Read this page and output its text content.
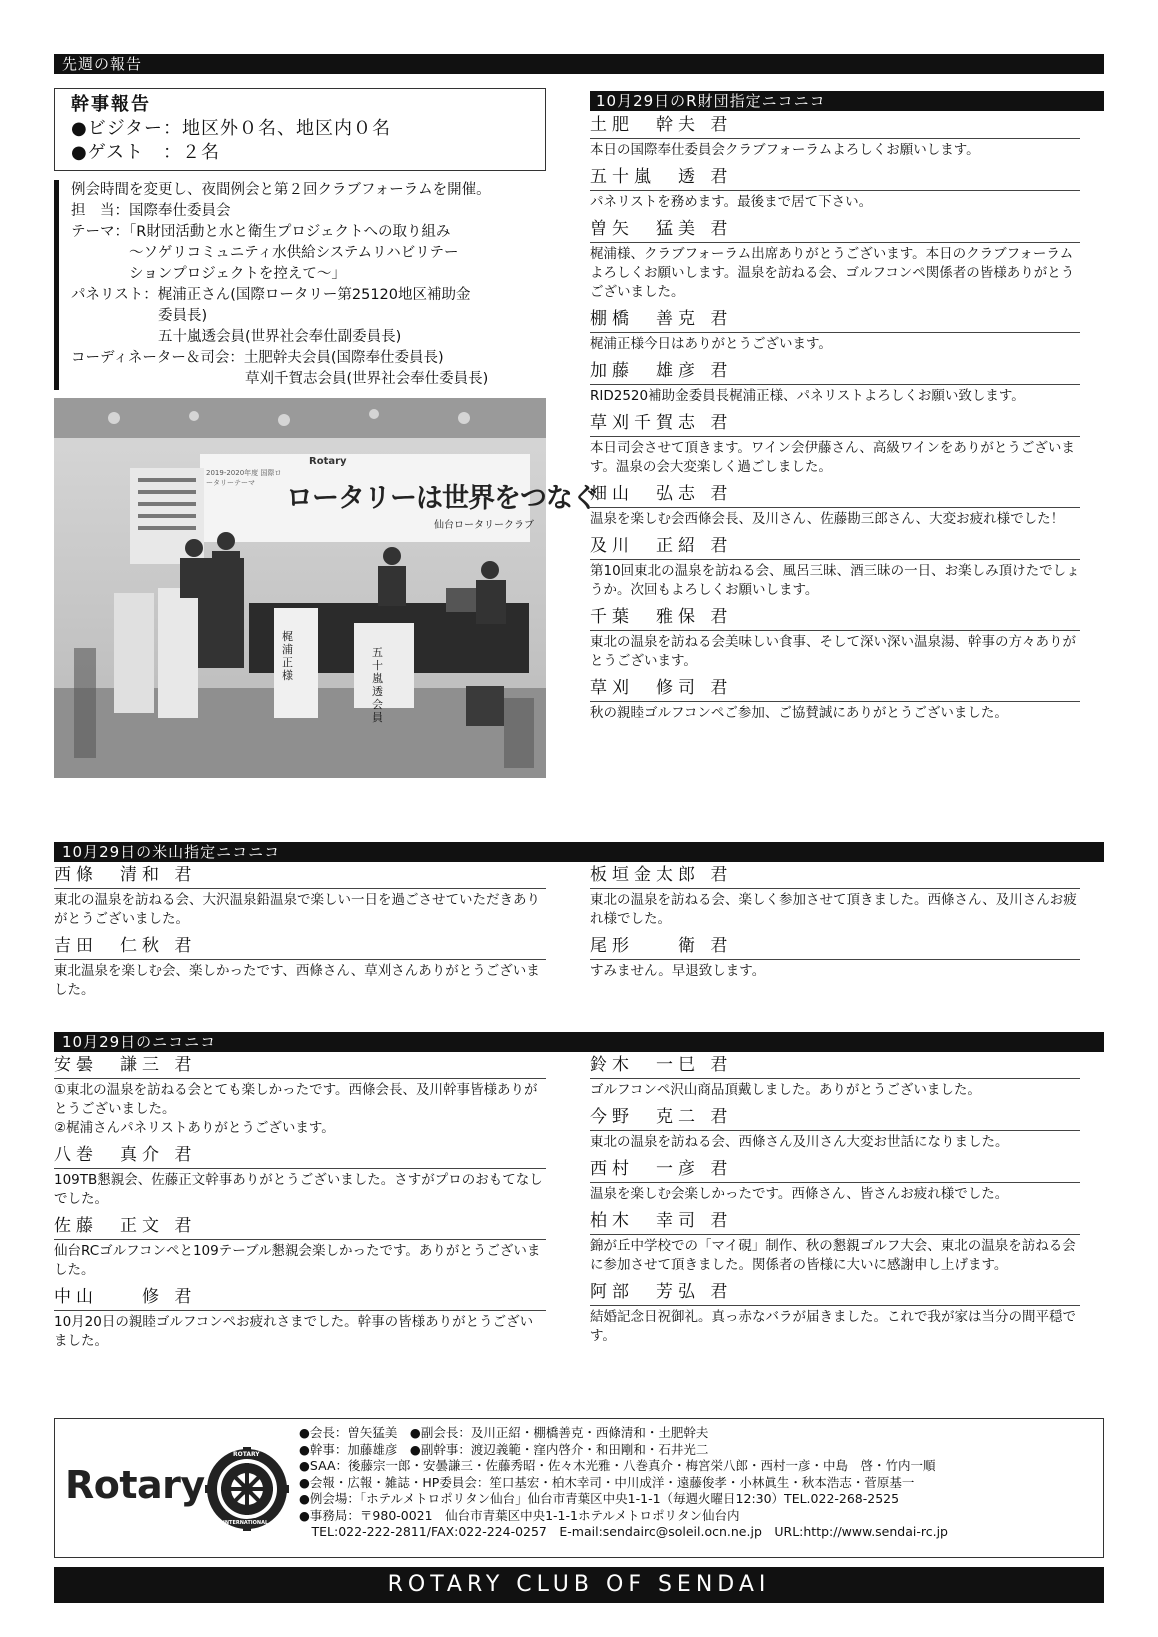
先週の報告
幹事報告
●ビジター：地区外０名、地区内０名
●ゲスト　：２名
例会時間を変更し、夜間例会と第２回クラブフォーラムを開催。
担　当：国際奉仕委員会
テーマ：「R財団活動と水と衛生プロジェクトへの取り組み
　　　　～ソゲリコミュニティ水供給システムリハビリテー
　　　　ションプロジェクトを控えて～」
パネリスト：梶浦正さん(国際ロータリー第25120地区補助金
　　　　　　委員長)
　　　　　　五十嵐透会員(世界社会奉仕副委員長)
コーディネーター＆司会：土肥幹夫会員(国際奉仕委員長)
　　　　　　　　　　　　草刈千賀志会員(世界社会奉仕委員長)
2019-2020年度 国際ロータリーテーマ
Rotary
ロータリーは世界をつなぐ
仙台ロータリークラブ
梶浦 正 様
五十嵐 透会員
10月29日のR財団指定ニコニコ
土肥　幹夫 君
本日の国際奉仕委員会クラブフォーラムよろしくお願いします。
五十嵐　透 君
パネリストを務めます。最後まで居て下さい。
曽矢　猛美 君
梶浦様、クラブフォーラム出席ありがとうございます。本日のクラブフォーラムよろしくお願いします。温泉を訪ねる会、ゴルフコンペ関係者の皆様ありがとうございました。
棚橋　善克 君
梶浦正様今日はありがとうございます。
加藤　雄彦 君
RID2520補助金委員長梶浦正様、パネリストよろしくお願い致します。
草刈千賀志 君
本日司会させて頂きます。ワイン会伊藤さん、高級ワインをありがとうございます。温泉の会大変楽しく過ごしました。
畑山　弘志 君
温泉を楽しむ会西條会長、及川さん、佐藤勘三郎さん、大変お疲れ様でした！
及川　正紹 君
第10回東北の温泉を訪ねる会、風呂三昧、酒三昧の一日、お楽しみ頂けたでしょうか。次回もよろしくお願いします。
千葉　雅保 君
東北の温泉を訪ねる会美味しい食事、そして深い深い温泉湯、幹事の方々ありがとうございます。
草刈　修司 君
秋の親睦ゴルフコンペご参加、ご協賛誠にありがとうございました。
10月29日の米山指定ニコニコ
西條　清和 君
東北の温泉を訪ねる会、大沢温泉鉛温泉で楽しい一日を過ごさせていただきありがとうございました。
吉田　仁秋 君
東北温泉を楽しむ会、楽しかったです、西條さん、草刈さんありがとうございました。
板垣金太郎 君
東北の温泉を訪ねる会、楽しく参加させて頂きました。西條さん、及川さんお疲れ様でした。
尾形　　衛 君
すみません。早退致します。
10月29日のニコニコ
安曇　謙三 君
①東北の温泉を訪ねる会とても楽しかったです。西條会長、及川幹事皆様ありがとうございました。
②梶浦さんパネリストありがとうございます。
八巻　真介 君
109TB懇親会、佐藤正文幹事ありがとうございました。さすがプロのおもてなしでした。
佐藤　正文 君
仙台RCゴルフコンペと109テーブル懇親会楽しかったです。ありがとうございました。
中山　　修 君
10月20日の親睦ゴルフコンペお疲れさまでした。幹事の皆様ありがとうございました。
鈴木　一巳 君
ゴルフコンペ沢山商品頂戴しました。ありがとうございました。
今野　克二 君
東北の温泉を訪ねる会、西條さん及川さん大変お世話になりました。
西村　一彦 君
温泉を楽しむ会楽しかったです。西條さん、皆さんお疲れ様でした。
柏木　幸司 君
錦が丘中学校での「マイ硯」制作、秋の懇親ゴルフ大会、東北の温泉を訪ねる会に参加させて頂きました。関係者の皆様に大いに感謝申し上げます。
阿部　芳弘 君
結婚記念日祝御礼。真っ赤なバラが届きました。これで我が家は当分の間平穏です。
Rotary
ROTARY
INTERNATIONAL
●会長：曽矢猛美　●副会長：及川正紹・棚橋善克・西條清和・土肥幹夫
●幹事：加藤雄彦　●副幹事：渡辺義範・窪内啓介・和田剛和・石井光二
●SAA：後藤宗一郎・安曇謙三・佐藤秀昭・佐々木光雅・八巻真介・梅宮栄八郎・西村一彦・中島　啓・竹内一順
●会報・広報・雑誌・HP委員会：笙口基宏・柏木幸司・中川成洋・遠藤俊孝・小林眞生・秋本浩志・菅原基一
●例会場：「ホテルメトロポリタン仙台」仙台市青葉区中央1-1-1（毎週火曜日12:30）TEL.022-268-2525
●事務局：〒980-0021　仙台市青葉区中央1-1-1ホテルメトロポリタン仙台内
　TEL:022-222-2811/FAX:022-224-0257　E-mail:sendairc@soleil.ocn.ne.jp　URL:http://www.sendai-rc.jp
ROTARY CLUB OF SENDAI
